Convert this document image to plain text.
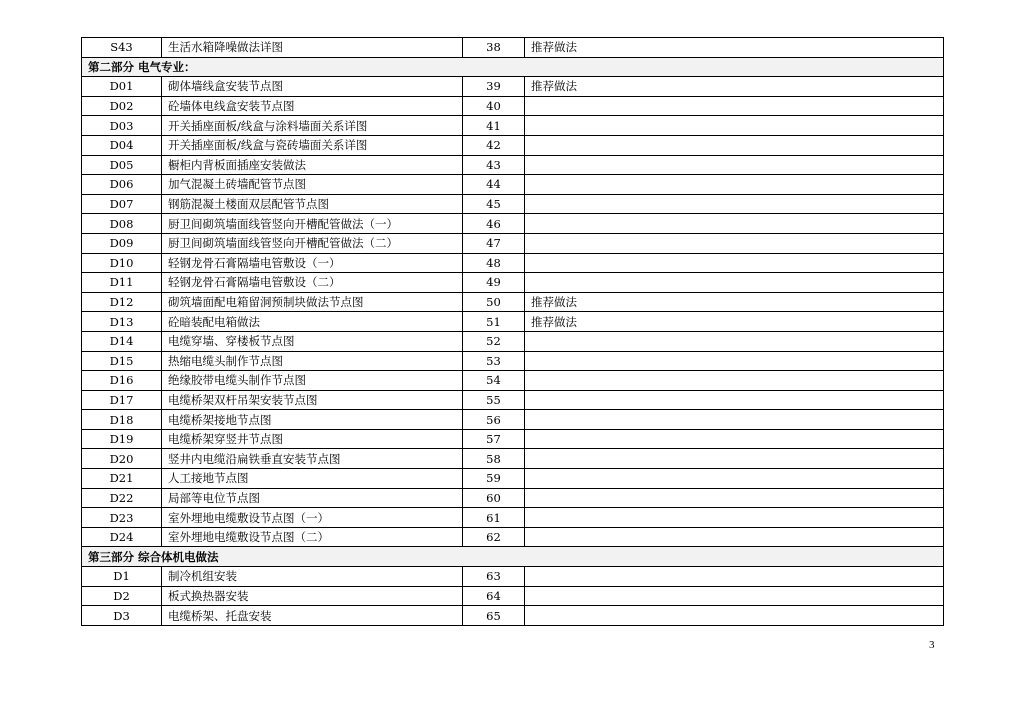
S43	生活水箱降噪做法详图	38	推荐做法
第二部分 电气专业：			
D01	砌体墙线盒安装节点图	39	推荐做法
D02	砼墙体电线盒安装节点图	40	
D03	开关插座面板/线盒与涂料墙面关系详图	41	
D04	开关插座面板/线盒与瓷砖墙面关系详图	42	
D05	橱柜内背板面插座安装做法	43	
D06	加气混凝土砖墙配管节点图	44	
D07	钢筋混凝土楼面双层配管节点图	45	
D08	厨卫间砌筑墙面线管竖向开槽配管做法（一）	46	
D09	厨卫间砌筑墙面线管竖向开槽配管做法（二）	47	
D10	轻钢龙骨石膏隔墙电管敷设（一）	48	
D11	轻钢龙骨石膏隔墙电管敷设（二）	49	
D12	砌筑墙面配电箱留洞预制块做法节点图	50	推荐做法
D13	砼暗装配电箱做法	51	推荐做法
D14	电缆穿墙、穿楼板节点图	52	
D15	热缩电缆头制作节点图	53	
D16	绝缘胶带电缆头制作节点图	54	
D17	电缆桥架双杆吊架安装节点图	55	
D18	电缆桥架接地节点图	56	
D19	电缆桥架穿竖井节点图	57	
D20	竖井内电缆沿扁铁垂直安装节点图	58	
D21	人工接地节点图	59	
D22	局部等电位节点图	60	
D23	室外埋地电缆敷设节点图（一）	61	
D24	室外埋地电缆敷设节点图（二）	62	
第三部分 综合体机电做法			
D1	制冷机组安装	63	
D2	板式换热器安装	64	
D3	电缆桥架、托盘安装	65	
3
